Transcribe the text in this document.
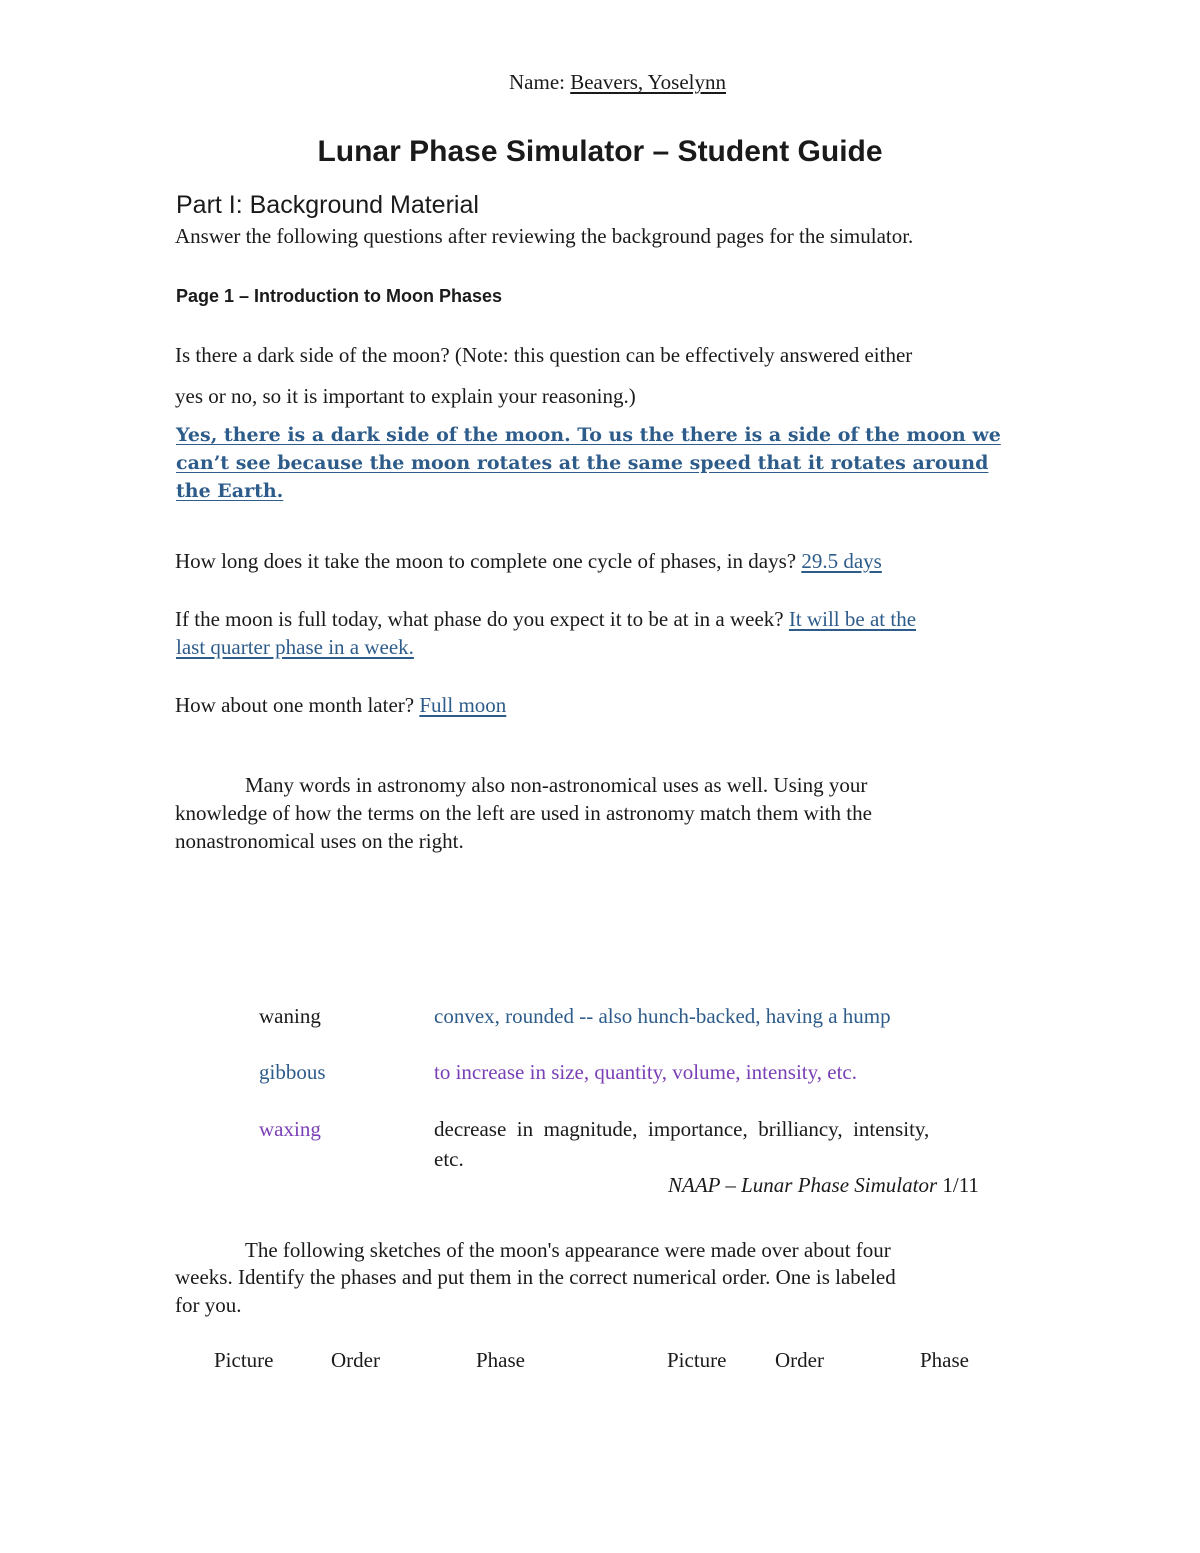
Name: Beavers, Yoselynn
Lunar Phase Simulator – Student Guide
Part I: Background Material
Answer the following questions after reviewing the background pages for the simulator.
Page 1 – Introduction to Moon Phases
Is there a dark side of the moon? (Note: this question can be effectively answered either
yes or no, so it is important to explain your reasoning.)
Yes, there is a dark side of the moon. To us the there is a side of the moon we
can’t see because the moon rotates at the same speed that it rotates around
the Earth.
How long does it take the moon to complete one cycle of phases, in days? 29.5 days
If the moon is full today, what phase do you expect it to be at in a week? It will be at the
last quarter phase in a week.
How about one month later? Full moon
Many words in astronomy also non-astronomical uses as well. Using your
knowledge of how the terms on the left are used in astronomy match them with the
nonastronomical uses on the right.
waning	convex, rounded -- also hunch-backed, having a hump
gibbous	to increase in size, quantity, volume, intensity, etc.
waxing	decrease  in  magnitude,  importance,  brilliancy,  intensity,
etc.
NAAP – Lunar Phase Simulator 1/11
The following sketches of the moon's appearance were made over about four
weeks. Identify the phases and put them in the correct numerical order. One is labeled
for you.
Picture	Order	Phase	Picture Order	Phase
